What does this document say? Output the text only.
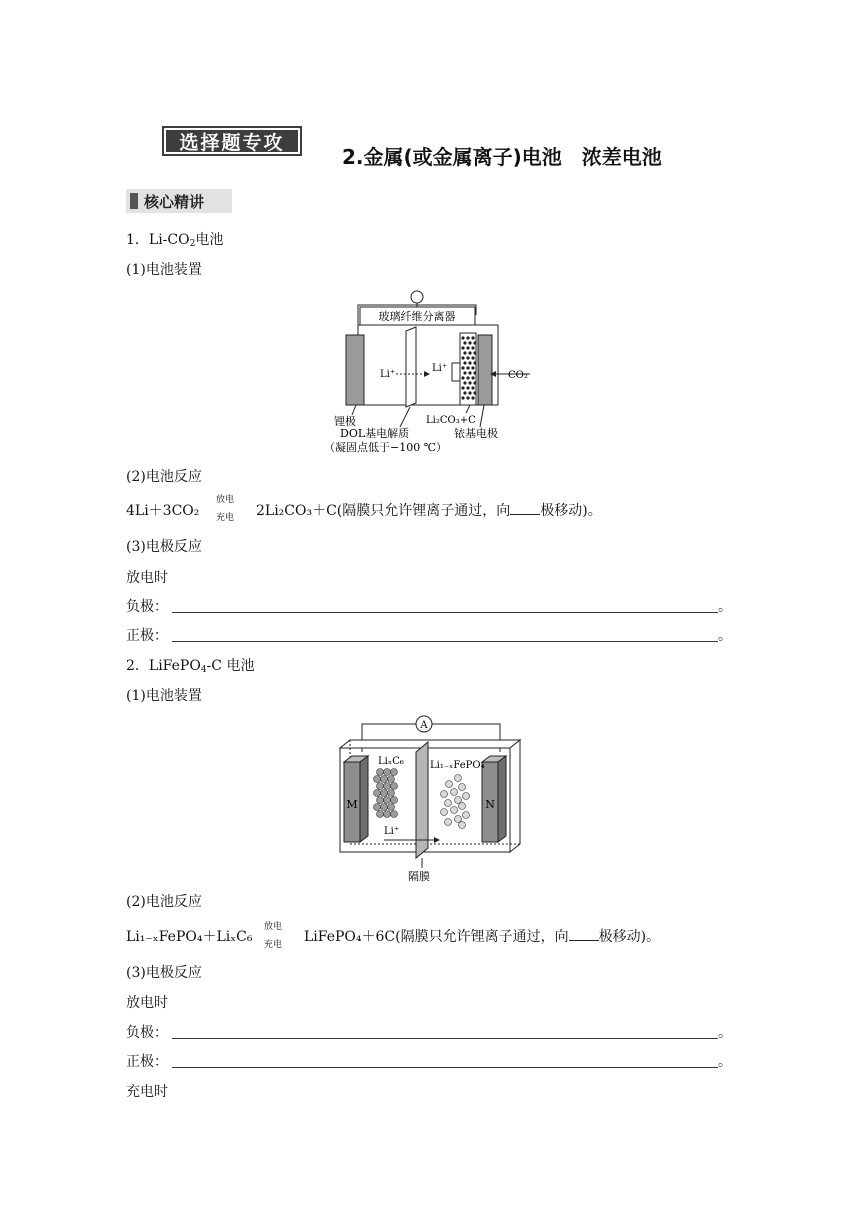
选择题专攻
2.金属(或金属离子)电池　浓差电池
核心精讲
1．$Li-CO_2$电池
(1)电池装置
玻璃纤维分离器
Li⁺
Li⁺
CO₂
锂极
DOL基电解质
（凝固点低于−100 ℃）
Li₂CO₃+C
铱基电极
(2)电池反应
4Li＋3CO₂
放电
充电 2Li₂CO₃＋C(隔膜只允许锂离子通过，向 极移动)。
(3)电极反应
放电时
负极：	。
正极：	。
2．LiFePO$_4$-C 电池
(1)电池装置
A
M	N
隔膜
LiₓC₆
Li⁺
Li₁₋ₓFePO₄
(2)电池反应
Li₁₋ₓFePO₄＋LiₓC₆
放电
充电 LiFePO₄＋6C(隔膜只允许锂离子通过，向 极移动)。
(3)电极反应
放电时
负极：	。
正极：	。
充电时
